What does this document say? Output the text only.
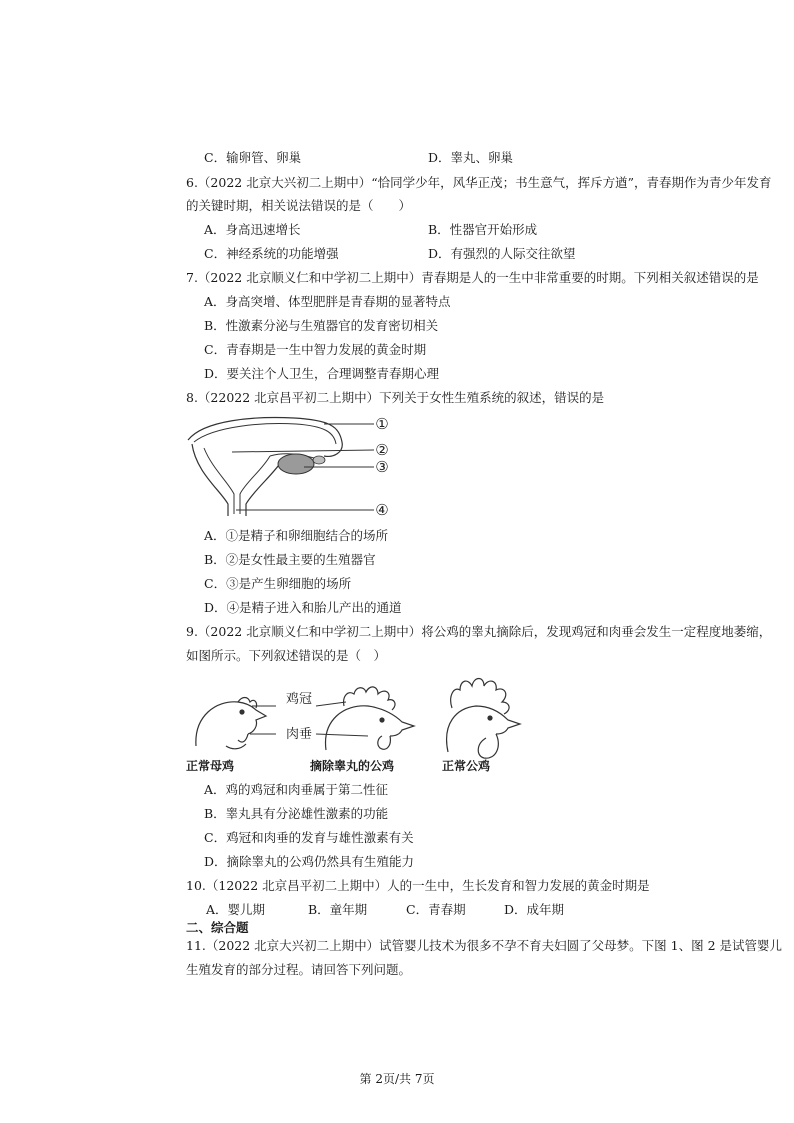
C．输卵管、卵巢	D．睾丸、卵巢
6.（2022 北京大兴初二上期中）“恰同学少年，风华正茂；书生意气，挥斥方遒”，青春期作为青少年发育
的关键时期，相关说法错误的是（　　）
A．身高迅速增长	B．性器官开始形成
C．神经系统的功能增强	D．有强烈的人际交往欲望
7.（2022 北京顺义仁和中学初二上期中）青春期是人的一生中非常重要的时期。下列相关叙述错误的是
A．身高突增、体型肥胖是青春期的显著特点
B．性激素分泌与生殖器官的发育密切相关
C．青春期是一生中智力发展的黄金时期
D．要关注个人卫生，合理调整青春期心理
8.（22022 北京昌平初二上期中）下列关于女性生殖系统的叙述，错误的是
①
②
③
④
A．①是精子和卵细胞结合的场所
B．②是女性最主要的生殖器官
C．③是产生卵细胞的场所
D．④是精子进入和胎儿产出的通道
9.（2022 北京顺义仁和中学初二上期中）将公鸡的睾丸摘除后，发现鸡冠和肉垂会发生一定程度地萎缩，
如图所示。下列叙述错误的是（　）
鸡冠
肉垂
正常母鸡	摘除睾丸的公鸡	正常公鸡
A．鸡的鸡冠和肉垂属于第二性征
B．睾丸具有分泌雄性激素的功能
C．鸡冠和肉垂的发育与雄性激素有关
D．摘除睾丸的公鸡仍然具有生殖能力
10.（12022 北京昌平初二上期中）人的一生中，生长发育和智力发展的黄金时期是
A．婴儿期	B．童年期	C．青春期	D．成年期
二、综合题
11.（2022 北京大兴初二上期中）试管婴儿技术为很多不孕不育夫妇圆了父母梦。下图 1、图 2 是试管婴儿
生殖发育的部分过程。请回答下列问题。
第 2页/共 7页
